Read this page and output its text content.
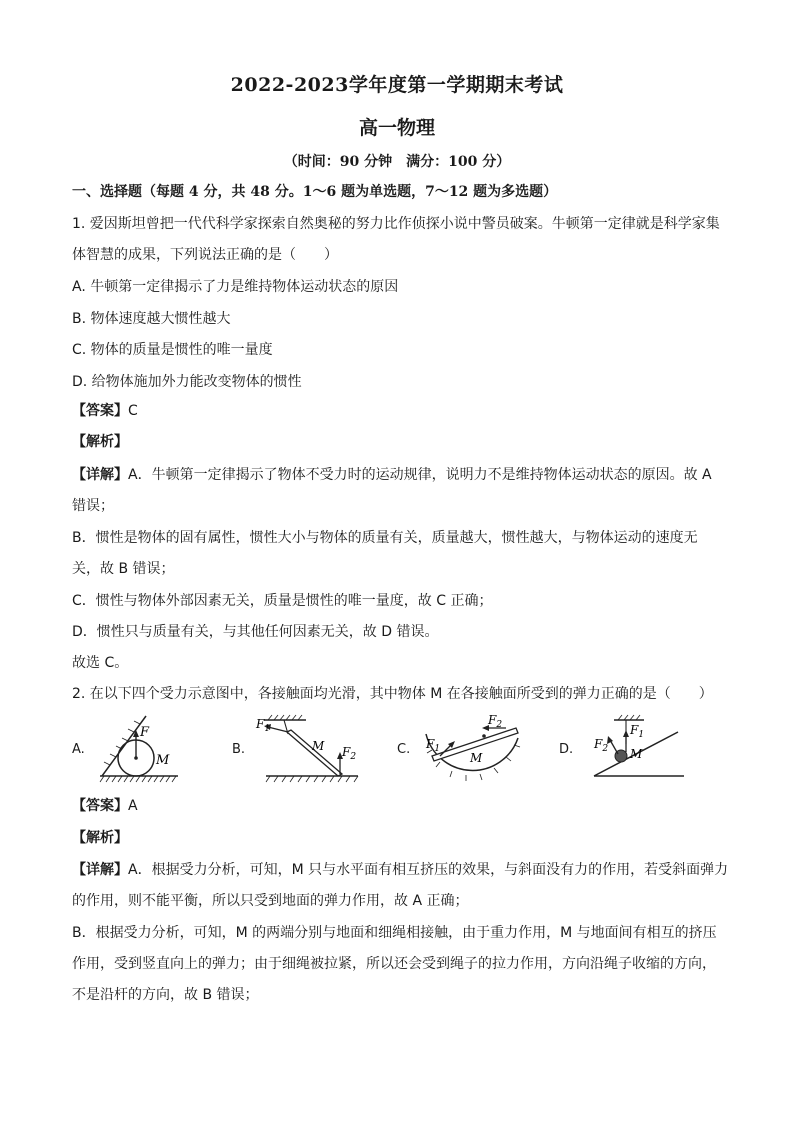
2022-2023学年度第一学期期末考试
高一物理
（时间：90 分钟　满分：100 分）
一、选择题（每题 4 分，共 48 分。1～6 题为单选题，7～12 题为多选题）
1. 爱因斯坦曾把一代代科学家探索自然奥秘的努力比作侦探小说中警员破案。牛顿第一定律就是科学家集
体智慧的成果，下列说法正确的是（　　）
A. 牛顿第一定律揭示了力是维持物体运动状态的原因
B. 物体速度越大惯性越大
C. 物体的质量是惯性的唯一量度
D. 给物体施加外力能改变物体的惯性
【答案】C
【解析】
【详解】A．牛顿第一定律揭示了物体不受力时的运动规律，说明力不是维持物体运动状态的原因。故 A
错误；
B．惯性是物体的固有属性，惯性大小与物体的质量有关，质量越大，惯性越大，与物体运动的速度无
关，故 B 错误；
C．惯性与物体外部因素无关，质量是惯性的唯一量度，故 C 正确；
D．惯性只与质量有关，与其他任何因素无关，故 D 错误。
故选 C。
2. 在以下四个受力示意图中，各接触面均光滑，其中物体 M 在各接触面所受到的弹力正确的是（　　）
A.
F
M
B.
$F_1$
$F_2$
M	C. $F_1$
$F_2$
M
D.
$F_1$
$F_2$ M
【答案】A
【解析】
【详解】A．根据受力分析，可知，M 只与水平面有相互挤压的效果，与斜面没有力的作用，若受斜面弹力
的作用，则不能平衡，所以只受到地面的弹力作用，故 A 正确；
B．根据受力分析，可知，M 的两端分别与地面和细绳相接触，由于重力作用，M 与地面间有相互的挤压
作用，受到竖直向上的弹力；由于细绳被拉紧，所以还会受到绳子的拉力作用，方向沿绳子收缩的方向，
不是沿杆的方向，故 B 错误；
